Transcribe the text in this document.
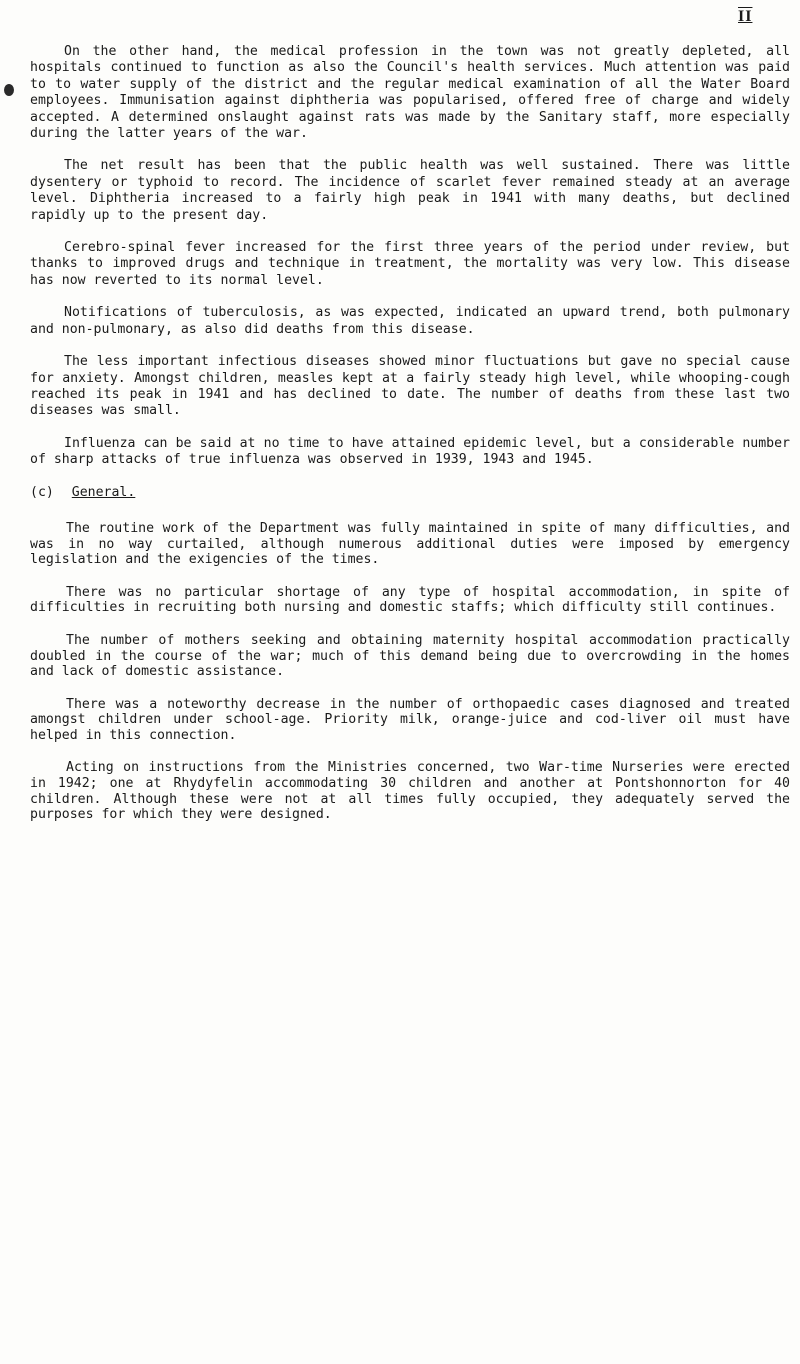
II

On the other hand, the medical profession in the town was not greatly depleted, all hospitals continued to function as also the Council's health services. Much attention was paid to to water supply of the district and the regular medical examination of all the Water Board employees. Immunisation against diphtheria was popularised, offered free of charge and widely accepted. A determined onslaught against rats was made by the Sanitary staff, more especially during the latter years of the war.

The net result has been that the public health was well sustained. There was little dysentery or typhoid to record. The incidence of scarlet fever remained steady at an average level. Diphtheria increased to a fairly high peak in 1941 with many deaths, but declined rapidly up to the present day.

Cerebro-spinal fever increased for the first three years of the period under review, but thanks to improved drugs and technique in treatment, the mortality was very low. This disease has now reverted to its normal level.

Notifications of tuberculosis, as was expected, indicated an upward trend, both pulmonary and non-pulmonary, as also did deaths from this disease.

The less important infectious diseases showed minor fluctuations but gave no special cause for anxiety. Amongst children, measles kept at a fairly steady high level, while whooping-cough reached its peak in 1941 and has declined to date. The number of deaths from these last two diseases was small.

Influenza can be said at no time to have attained epidemic level, but a considerable number of sharp attacks of true influenza was observed in 1939, 1943 and 1945.

(c) General.

The routine work of the Department was fully maintained in spite of many difficulties, and was in no way curtailed, although numerous additional duties were imposed by emergency legislation and the exigencies of the times.

There was no particular shortage of any type of hospital accommodation, in spite of difficulties in recruiting both nursing and domestic staffs; which difficulty still continues.

The number of mothers seeking and obtaining maternity hospital accommodation practically doubled in the course of the war; much of this demand being due to overcrowding in the homes and lack of domestic assistance.

There was a noteworthy decrease in the number of orthopaedic cases diagnosed and treated amongst children under school-age. Priority milk, orange-juice and cod-liver oil must have helped in this connection.

Acting on instructions from the Ministries concerned, two War-time Nurseries were erected in 1942; one at Rhydyfelin accommodating 30 children and another at Pontshonnorton for 40 children. Although these were not at all times fully occupied, they adequately served the purposes for which they were designed.
